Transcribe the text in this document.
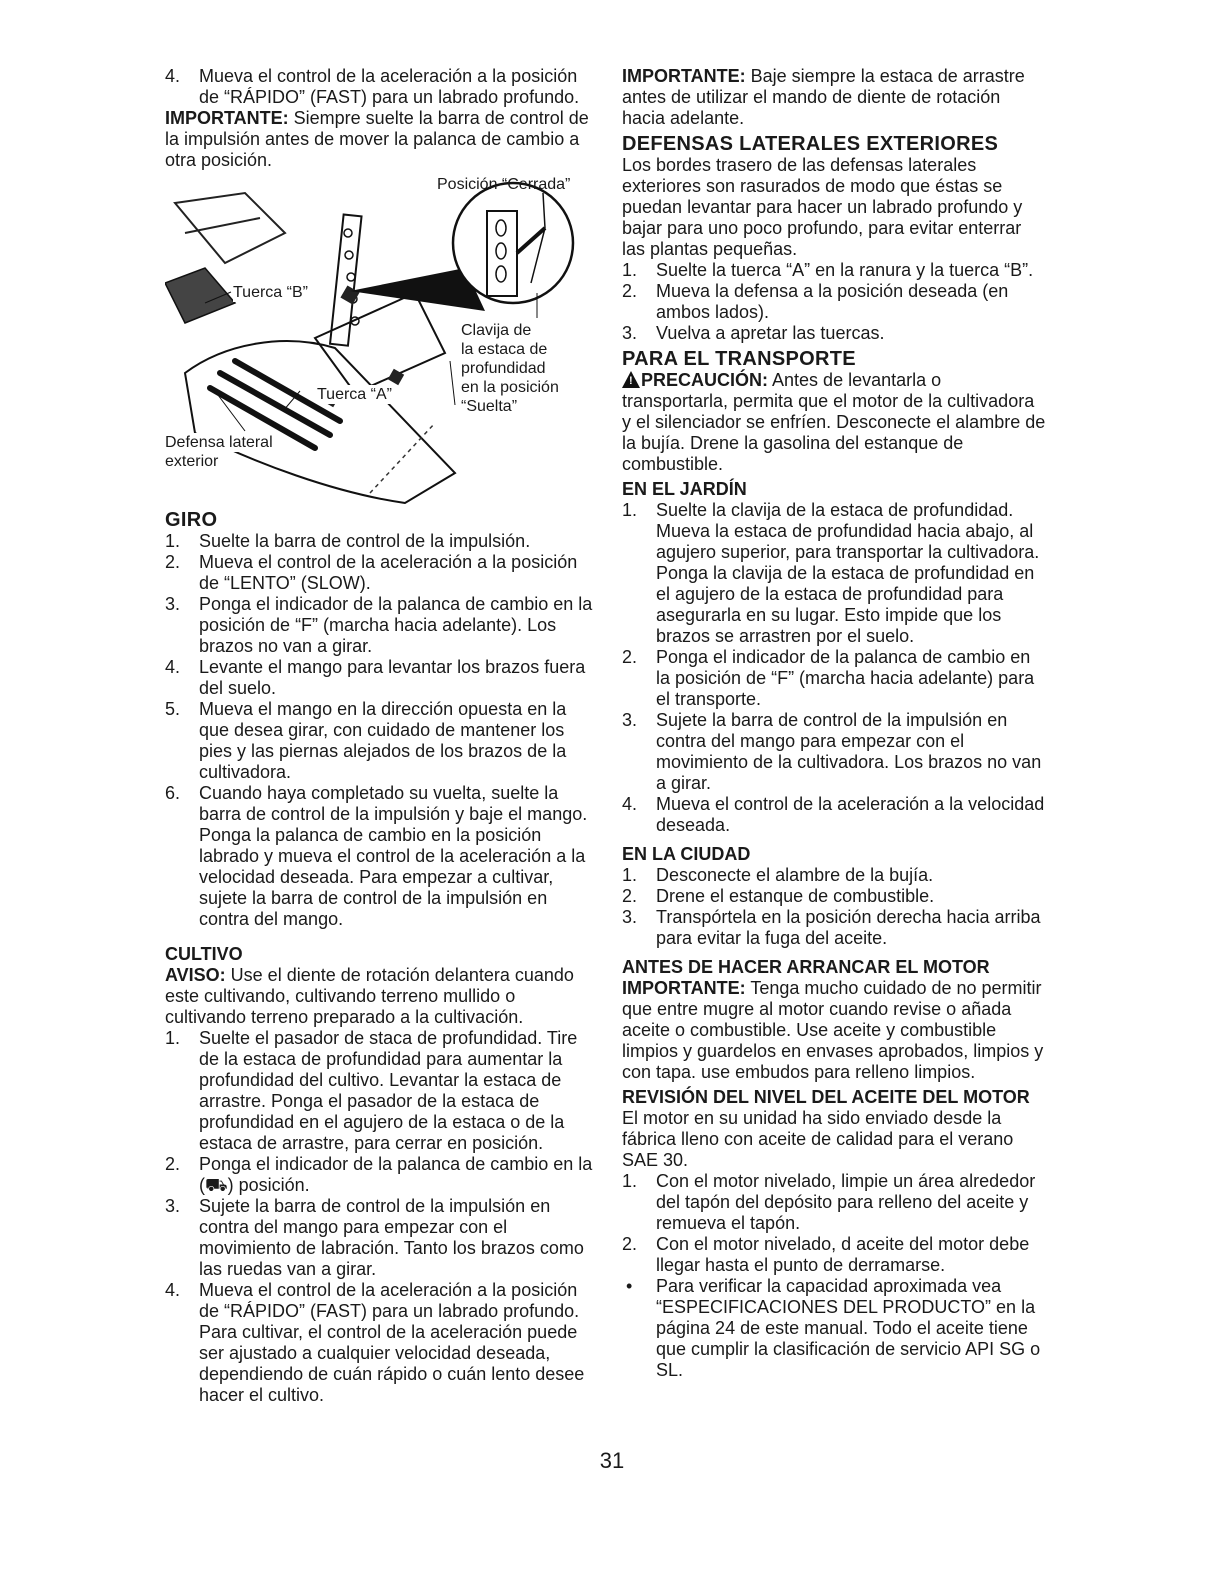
4. Mueva el control de la aceleración a la posición de “RÁPIDO” (FAST) para un labrado profundo.

IMPORTANTE: Siempre suelte la barra de control de la impulsión antes de mover la palanca de cambio a otra posición.

Posición “Cerrada”
Tuerca “B”
Tuerca “A”
Clavija de
la estaca de
profundidad
en la posición
“Suelta”
Defensa lateral
exterior
GIRO
1. Suelte la barra de control de la impulsión.
2. Mueva el control de la aceleración a la posición de “LENTO” (SLOW).
3. Ponga el indicador de la palanca de cambio en la posición de “F” (marcha hacia adelante). Los brazos no van a girar.
4. Levante el mango para levantar los brazos fuera del suelo.
5. Mueva el mango en la dirección opuesta en la que desea girar, con cuidado de mantener los pies y las piernas alejados de los brazos de la cultivadora.
6. Cuando haya completado su vuelta, suelte la barra de control de la impulsión y baje el mango. Ponga la palanca de cambio en la posición labrado y mueva el control de la aceleración a la velocidad deseada. Para empezar a cultivar, sujete la barra de control de la impulsión en contra del mango.
CULTIVO

AVISO: Use el diente de rotación delantera cuando este cultivando, cultivando terreno mullido o cultivando terreno preparado a la cultivación.

1. Suelte el pasador de staca de profundidad. Tire de la estaca de profundidad para aumentar la profundidad del cultivo. Levantar la estaca de arrastre. Ponga el pasador de la estaca de profundidad en el agujero de la estaca o de la estaca de arrastre, para cerrar en posición.
2. Ponga el indicador de la palanca de cambio en la (⛟) posición.
3. Sujete la barra de control de la impulsión en contra del mango para empezar con el movimiento de labración. Tanto los brazos como las ruedas van a girar.
4. Mueva el control de la aceleración a la posición de “RÁPIDO” (FAST) para un labrado profundo. Para cultivar, el control de la aceleración puede ser ajustado a cualquier velocidad deseada, dependiendo de cuán rápido o cuán lento desee hacer el cultivo.

IMPORTANTE: Baje siempre la estaca de arrastre antes de utilizar el mando de diente de rotación hacia adelante.

DEFENSAS LATERALES EXTERIORES

Los bordes trasero de las defensas laterales exteriores son rasurados de modo que éstas se puedan levantar para hacer un labrado profundo y bajar para uno poco profundo, para evitar enterrar las plantas pequeñas.

1. Suelte la tuerca “A” en la ranura y la tuerca “B”.
2. Mueva la defensa a la posición deseada (en ambos lados).
3. Vuelva a apretar las tuercas.
PARA EL TRANSPORTE

! PRECAUCIÓN: Antes de levantarla o transportarla, permita que el motor de la cultivadora y el silenciador se enfríen. Desconecte el alambre de la bujía. Drene la gasolina del estanque de combustible.

EN EL JARDÍN
1. Suelte la clavija de la estaca de profundidad. Mueva la estaca de profundidad hacia abajo, al agujero superior, para transportar la cultivadora. Ponga la clavija de la estaca de profundidad en el agujero de la estaca de profundidad para asegurarla en su lugar. Esto impide que los brazos se arrastren por el suelo.
2. Ponga el indicador de la palanca de cambio en la posición de “F” (marcha hacia adelante) para el transporte.
3. Sujete la barra de control de la impulsión en contra del mango para empezar con el movimiento de la cultivadora. Los brazos no van a girar.
4. Mueva el control de la aceleración a la velocidad deseada.
EN LA CIUDAD
1. Desconecte el alambre de la bujía.
2. Drene el estanque de combustible.
3. Transpórtela en la posición derecha hacia arriba para evitar la fuga del aceite.
ANTES DE HACER ARRANCAR EL MOTOR

IMPORTANTE: Tenga mucho cuidado de no permitir que entre mugre al motor cuando revise o añada aceite o combustible. Use aceite y combustible limpios y guardelos en envases aprobados, limpios y con tapa. use embudos para relleno limpios.

REVISIÓN DEL NIVEL DEL ACEITE DEL MOTOR

El motor en su unidad ha sido enviado desde la fábrica lleno con aceite de calidad para el verano SAE 30.

1. Con el motor nivelado, limpie un área alrededor del tapón del depósito para relleno del aceite y remueva el tapón.
2. Con el motor nivelado, d aceite del motor debe llegar hasta el punto de derramarse.
• Para verificar la capacidad aproximada vea “ESPECIFICACIONES DEL PRODUCTO” en la página 24 de este manual. Todo el aceite tiene que cumplir la clasificación de servicio API SG o SL.
31
